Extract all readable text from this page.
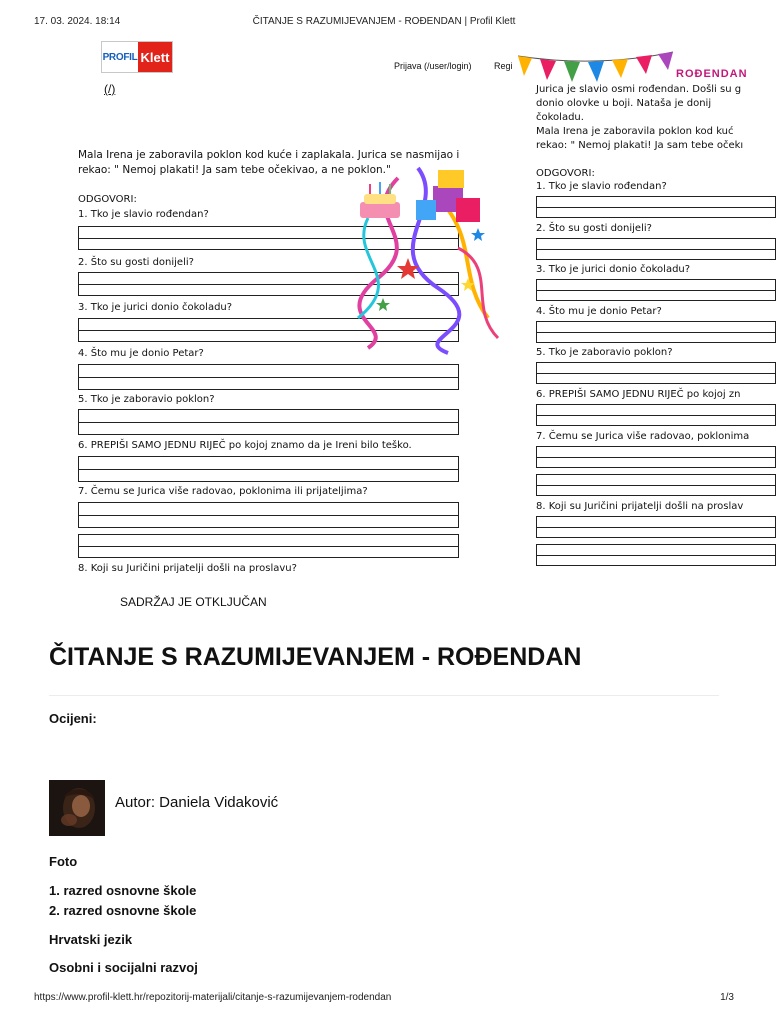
17. 03. 2024. 18:14	ČITANJE S RAZUMIJEVANJEM - ROĐENDAN | Profil Klett
PROFIL Klett
(/)
Prijava (/user/login) Regi
Mala Irena je zaboravila poklon kod kuće i zaplakala. Jurica se nasmijao i rekao: " Nemoj plakati! Ja sam tebe očekivao, a ne poklon."
ODGOVORI:
1. Tko je slavio rođendan?
2. Što su gosti donijeli?
3. Tko je jurici donio čokoladu?
4. Što mu je donio Petar?
5. Tko je zaboravio poklon?
6. PREPIŠI SAMO JEDNU RIJEČ po kojoj znamo da je Ireni bilo teško.
7. Čemu se Jurica više radovao, poklonima ili prijateljima?
8. Koji su Juričini prijatelji došli na proslavu?
ROĐENDAN
Jurica je slavio osmi rođendan. Došli su g
donio olovke u boji. Nataša je donij
čokoladu.
Mala Irena je zaboravila poklon kod kuć
rekao: " Nemoj plakati! Ja sam tebe očekı
ODGOVORI:
1. Tko je slavio rođendan?
2. Što su gosti donijeli?
3. Tko je jurici donio čokoladu?
4. Što mu je donio Petar?
5. Tko je zaboravio poklon?
6. PREPIŠI SAMO JEDNU RIJEČ po kojoj zn
7. Čemu se Jurica više radovao, poklonima
8. Koji su Juričini prijatelji došli na proslav
SADRŽAJ JE OTKLJUČAN
ČITANJE S RAZUMIJEVANJEM - ROĐENDAN
Ocijeni:
Autor: Daniela Vidaković
Foto
1. razred osnovne škole
2. razred osnovne škole
Hrvatski jezik
Osobni i socijalni razvoj
https://www.profil-klett.hr/repozitorij-materijali/citanje-s-razumijevanjem-rodendan	1/3
